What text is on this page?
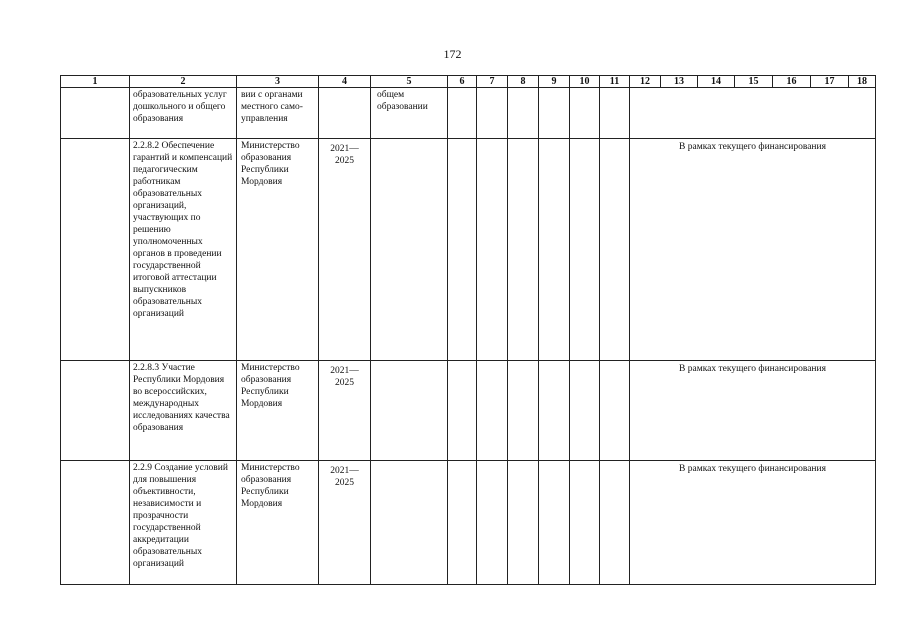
172
1	2	3	4	5	6	7	8	9	10	11	12	13	14	15	16	17	18
	образовательных услуг дошкольного и общего образования	вии с органами местного само-управления		общем образовании													
	2.2.8.2 Обеспечение гарантий и компенсаций педагогическим работникам образовательных организаций, участвующих по решению уполномоченных органов в проведении государственной итоговой аттестации выпускников образовательных организаций	Министерство образования Республики Мордовия	2021—2025								В рамках текущего финансирования						
	2.2.8.3 Участие Республики Мордовия во всероссийских, международных исследованиях качества образования	Министерство образования Республики Мордовия	2021—2025								В рамках текущего финансирования						
	2.2.9 Создание условий для повышения объективности, независимости и прозрачности государственной аккредитации образовательных организаций	Министерство образования Республики Мордовия	2021—2025								В рамках текущего финансирования						
